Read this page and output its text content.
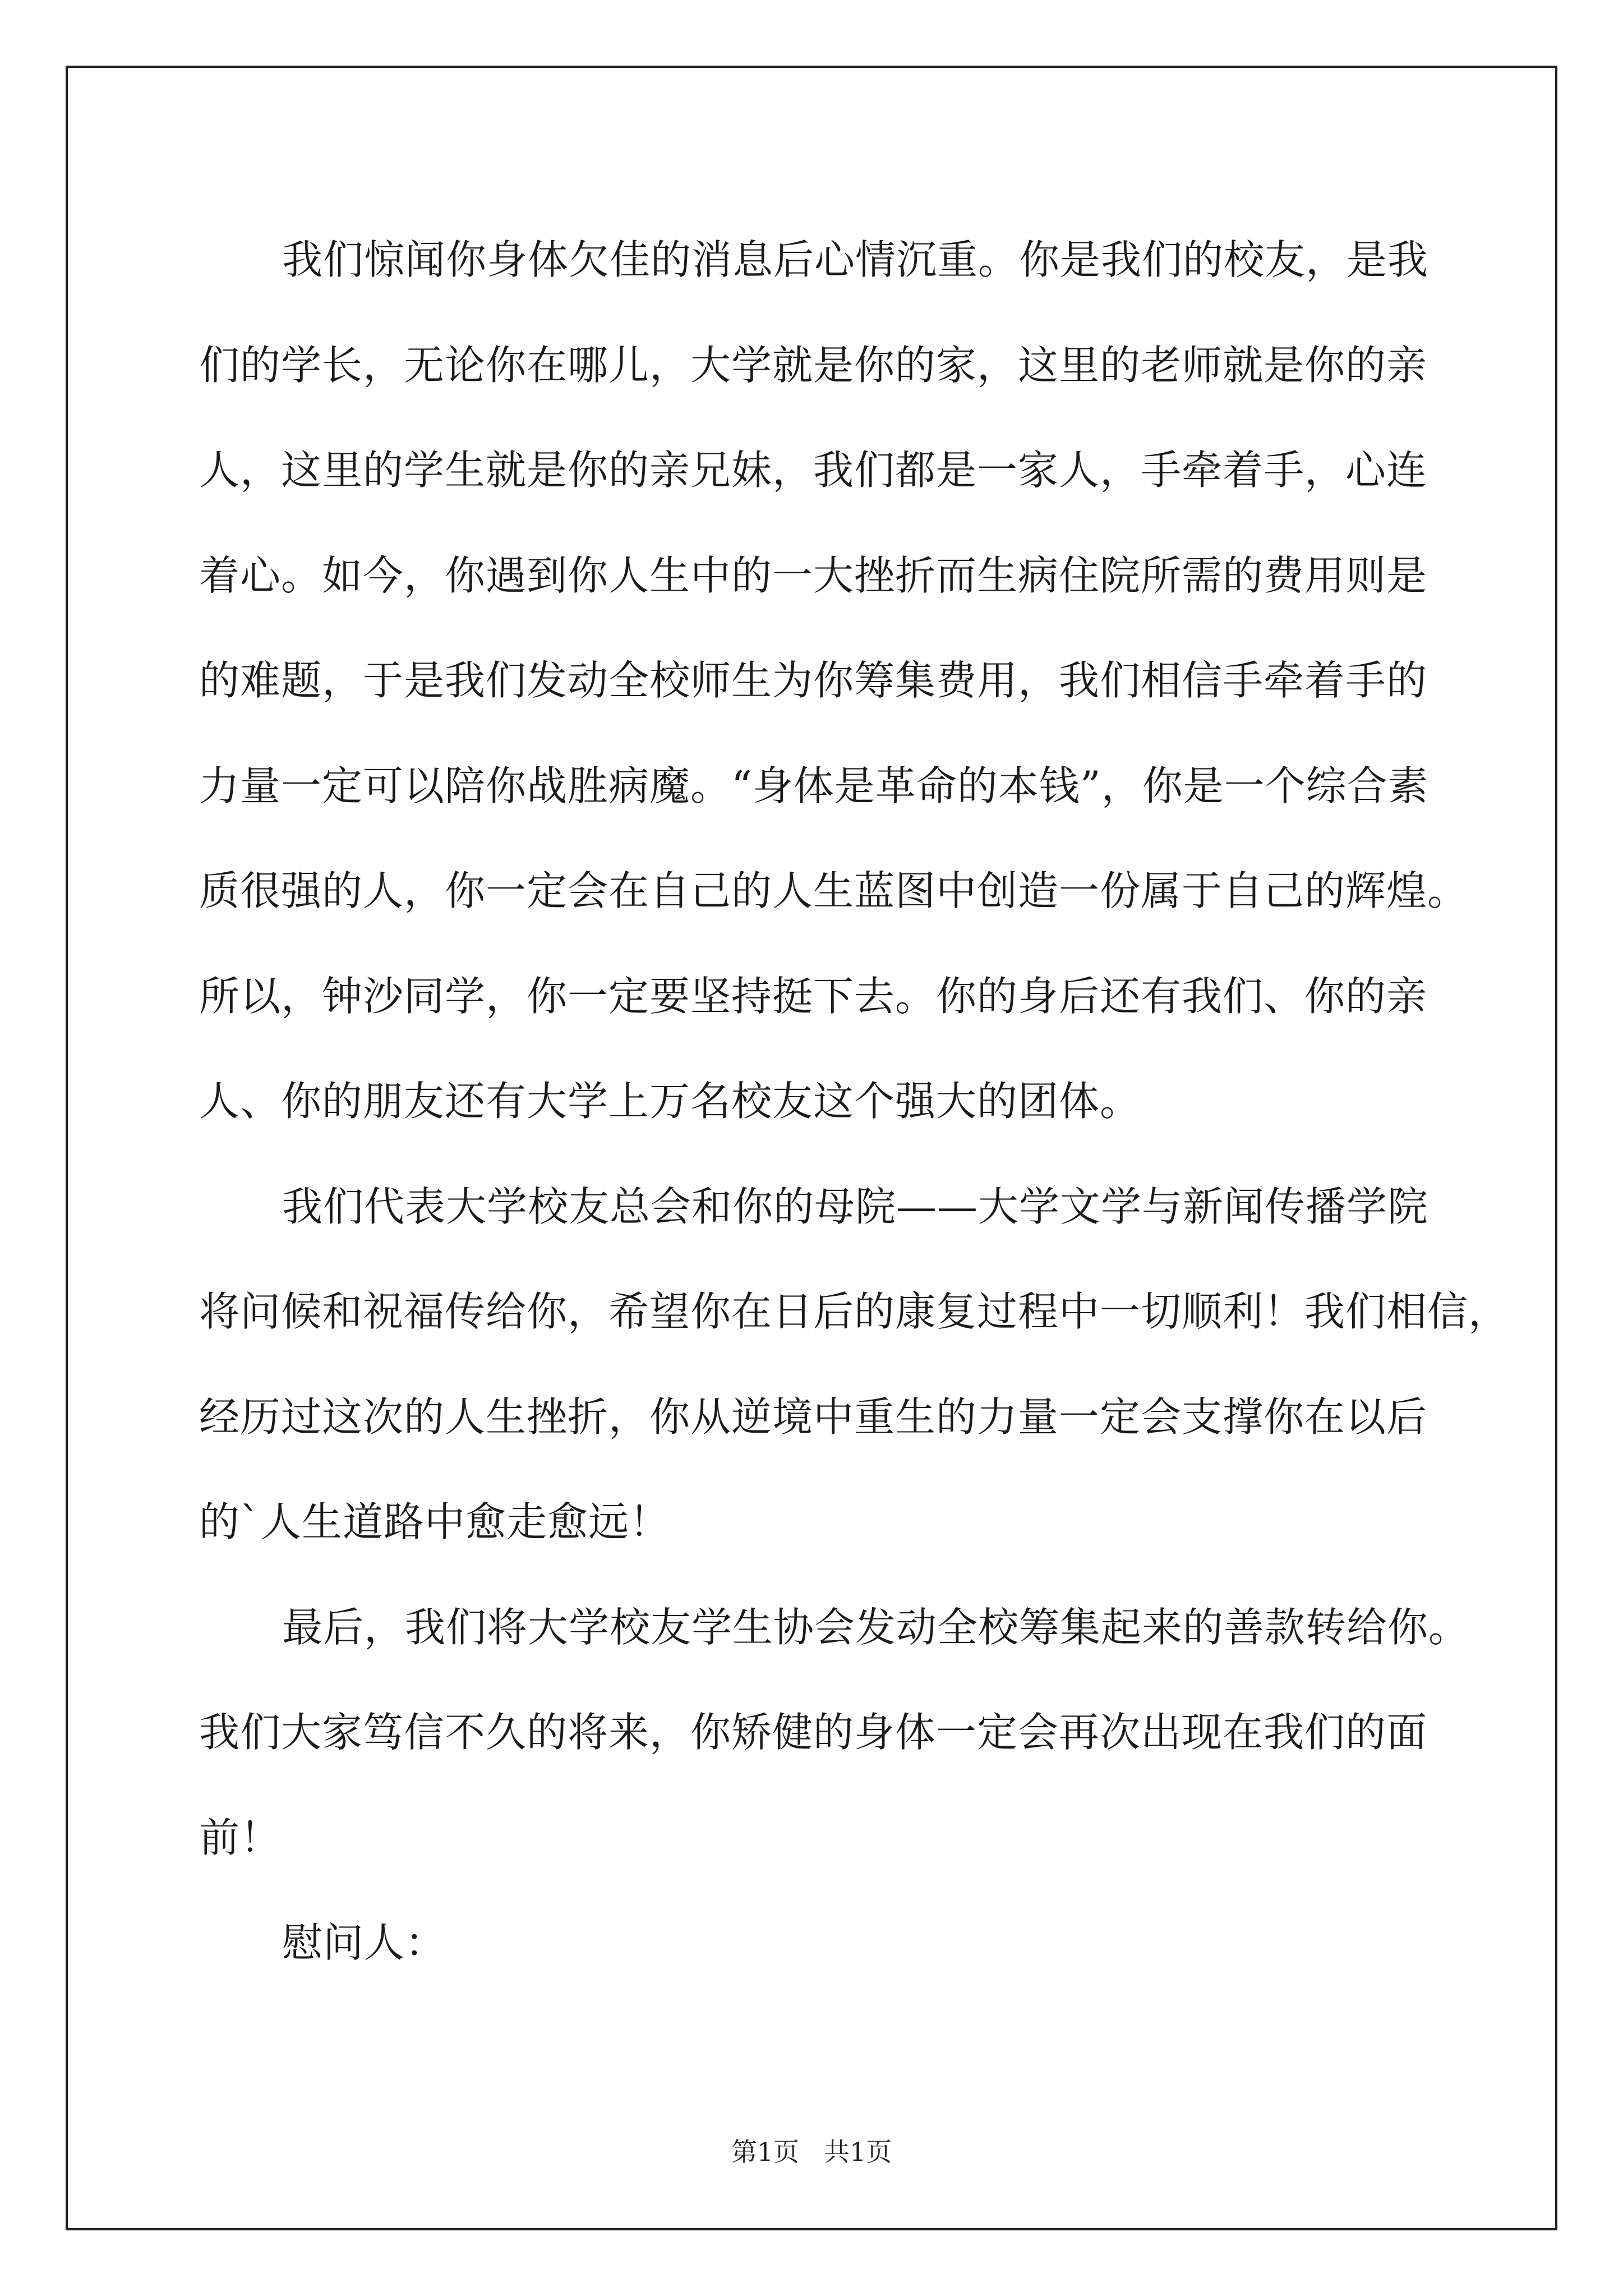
我们惊闻你身体欠佳的消息后心情沉重。你是我们的校友，是我
们的学长，无论你在哪儿，大学就是你的家，这里的老师就是你的亲
人，这里的学生就是你的亲兄妹，我们都是一家人，手牵着手，心连
着心。如今，你遇到你人生中的一大挫折而生病住院所需的费用则是
的难题，于是我们发动全校师生为你筹集费用，我们相信手牵着手的
力量一定可以陪你战胜病魔。“身体是革命的本钱”，你是一个综合素
质很强的人，你一定会在自己的人生蓝图中创造一份属于自己的辉煌。
所以，钟沙同学，你一定要坚持挺下去。你的身后还有我们、你的亲
人、你的朋友还有大学上万名校友这个强大的团体。
我们代表大学校友总会和你的母院——大学文学与新闻传播学院
将问候和祝福传给你，希望你在日后的康复过程中一切顺利！我们相信，
经历过这次的人生挫折，你从逆境中重生的力量一定会支撑你在以后
的`人生道路中愈走愈远！
最后，我们将大学校友学生协会发动全校筹集起来的善款转给你。
我们大家笃信不久的将来，你矫健的身体一定会再次出现在我们的面
前！
慰问人：
第1页 共1页
